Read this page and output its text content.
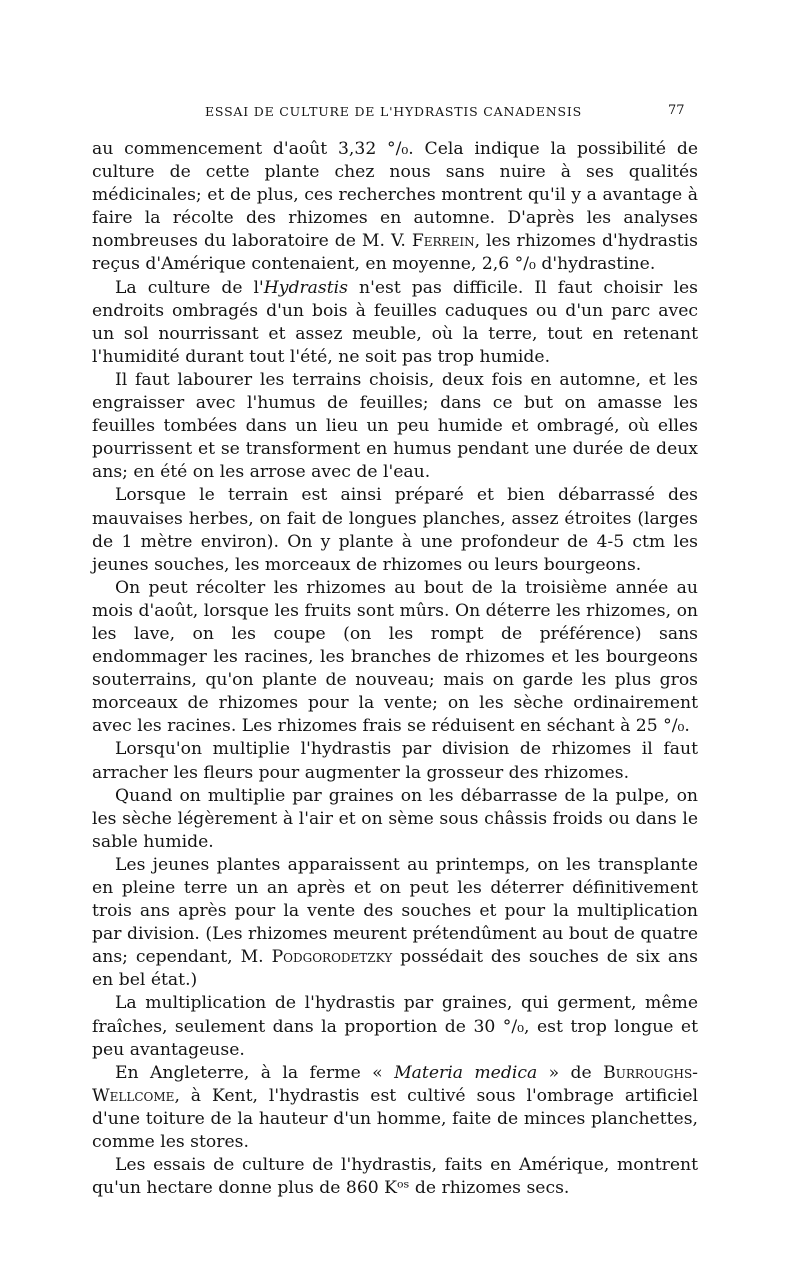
ESSAI DE CULTURE DE L'HYDRASTIS CANADENSIS	77

au commencement d'août 3,32 °/₀. Cela indique la possibilité de culture de cette plante chez nous sans nuire à ses qualités médicinales; et de plus, ces recherches montrent qu'il y a avantage à faire la récolte des rhizomes en automne. D'après les analyses nombreuses du laboratoire de M. V. Ferrein, les rhizomes d'hydrastis reçus d'Amérique contenaient, en moyenne, 2,6 °/₀ d'hydrastine.

La culture de l'Hydrastis n'est pas difficile. Il faut choisir les endroits ombragés d'un bois à feuilles caduques ou d'un parc avec un sol nourrissant et assez meuble, où la terre, tout en retenant l'humidité durant tout l'été, ne soit pas trop humide.

Il faut labourer les terrains choisis, deux fois en automne, et les engraisser avec l'humus de feuilles; dans ce but on amasse les feuilles tombées dans un lieu un peu humide et ombragé, où elles pourrissent et se transforment en humus pendant une durée de deux ans; en été on les arrose avec de l'eau.

Lorsque le terrain est ainsi préparé et bien débarrassé des mauvaises herbes, on fait de longues planches, assez étroites (larges de 1 mètre environ). On y plante à une profondeur de 4-5 ctm les jeunes souches, les morceaux de rhizomes ou leurs bourgeons.

On peut récolter les rhizomes au bout de la troisième année au mois d'août, lorsque les fruits sont mûrs. On déterre les rhizomes, on les lave, on les coupe (on les rompt de préférence) sans endommager les racines, les branches de rhizomes et les bourgeons souterrains, qu'on plante de nouveau; mais on garde les plus gros morceaux de rhizomes pour la vente; on les sèche ordinairement avec les racines. Les rhizomes frais se réduisent en séchant à 25 °/₀.

Lorsqu'on multiplie l'hydrastis par division de rhizomes il faut arracher les fleurs pour augmenter la grosseur des rhizomes.

Quand on multiplie par graines on les débarrasse de la pulpe, on les sèche légèrement à l'air et on sème sous châssis froids ou dans le sable humide.

Les jeunes plantes apparaissent au printemps, on les transplante en pleine terre un an après et on peut les déterrer définitivement trois ans après pour la vente des souches et pour la multiplication par division. (Les rhizomes meurent prétendûment au bout de quatre ans; cependant, M. Podgorodetzky possédait des souches de six ans en bel état.)

La multiplication de l'hydrastis par graines, qui germent, même fraîches, seulement dans la proportion de 30 °/₀, est trop longue et peu avantageuse.

En Angleterre, à la ferme « Materia medica » de Burroughs-Wellcome, à Kent, l'hydrastis est cultivé sous l'ombrage artificiel d'une toiture de la hauteur d'un homme, faite de minces planchettes, comme les stores.

Les essais de culture de l'hydrastis, faits en Amérique, montrent qu'un hectare donne plus de 860 Kᵒˢ de rhizomes secs.
